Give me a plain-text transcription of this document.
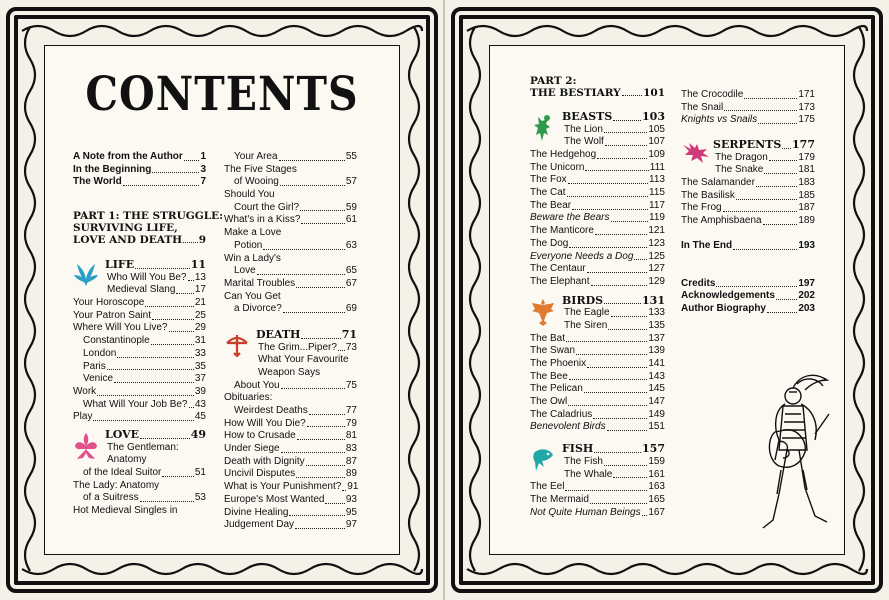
CONTENTS
A Note from the Author 1
In the Beginning	3
The World	7
PART 1: THE STRUGGLE:
SURVIVING LIFE,
LOVE AND DEATH 9
LIFE	11
Who Will You Be? 13
Medieval Slang 17
Your Horoscope	21
Your Patron Saint	25
Where Will You Live?	29
Constantinople	31
London	33
Paris	35
Venice	37
Work	39
What Will Your Job Be? 43
Play	45
LOVE	49
The Gentleman:
Anatomy
of the Ideal Suitor	51
The Lady: Anatomy
of a Suitress	53
Hot Medieval Singles in
Your Area	55
The Five Stages
of Wooing	57
Should You
Court the Girl?	59
What's in a Kiss?	61
Make a Love
Potion	63
Win a Lady's
Love	65
Marital Troubles	67
Can You Get
a Divorce?	69
DEATH	71
The Grim...Piper? 73
What Your Favourite
Weapon Says
About You	75
Obituaries:
Weirdest Deaths	77
How Will You Die?	79
How to Crusade	81
Under Siege	83
Death with Dignity	87
Uncivil Disputes	89
What is Your Punishment? 91
Europe's Most Wanted 93
Divine Healing	95
Judgement Day	97
PART 2:
THE BESTIARY 101
BEASTS	103
The Lion	105
The Wolf	107
The Hedgehog	109
The Unicorn	111
The Fox	113
The Cat	115
The Bear	117
Beware the Bears	119
The Manticore	121
The Dog	123
Everyone Needs a Dog 125
The Centaur	127
The Elephant	129
BIRDS	131
The Eagle	133
The Siren	135
The Bat	137
The Swan	139
The Phoenix	141
The Bee	143
The Pelican	145
The Owl	147
The Caladrius	149
Benevolent Birds	151
FISH	157
The Fish	159
The Whale	161
The Eel	163
The Mermaid	165
Not Quite Human Beings 167
The Crocodile	171
The Snail	173
Knights vs Snails	175
SERPENTS 177
The Dragon	179
The Snake	181
The Salamander	183
The Basilisk	185
The Frog	187
The Amphisbaena	189
In The End	193
Credits	197
Acknowledgements 202
Author Biography	203
